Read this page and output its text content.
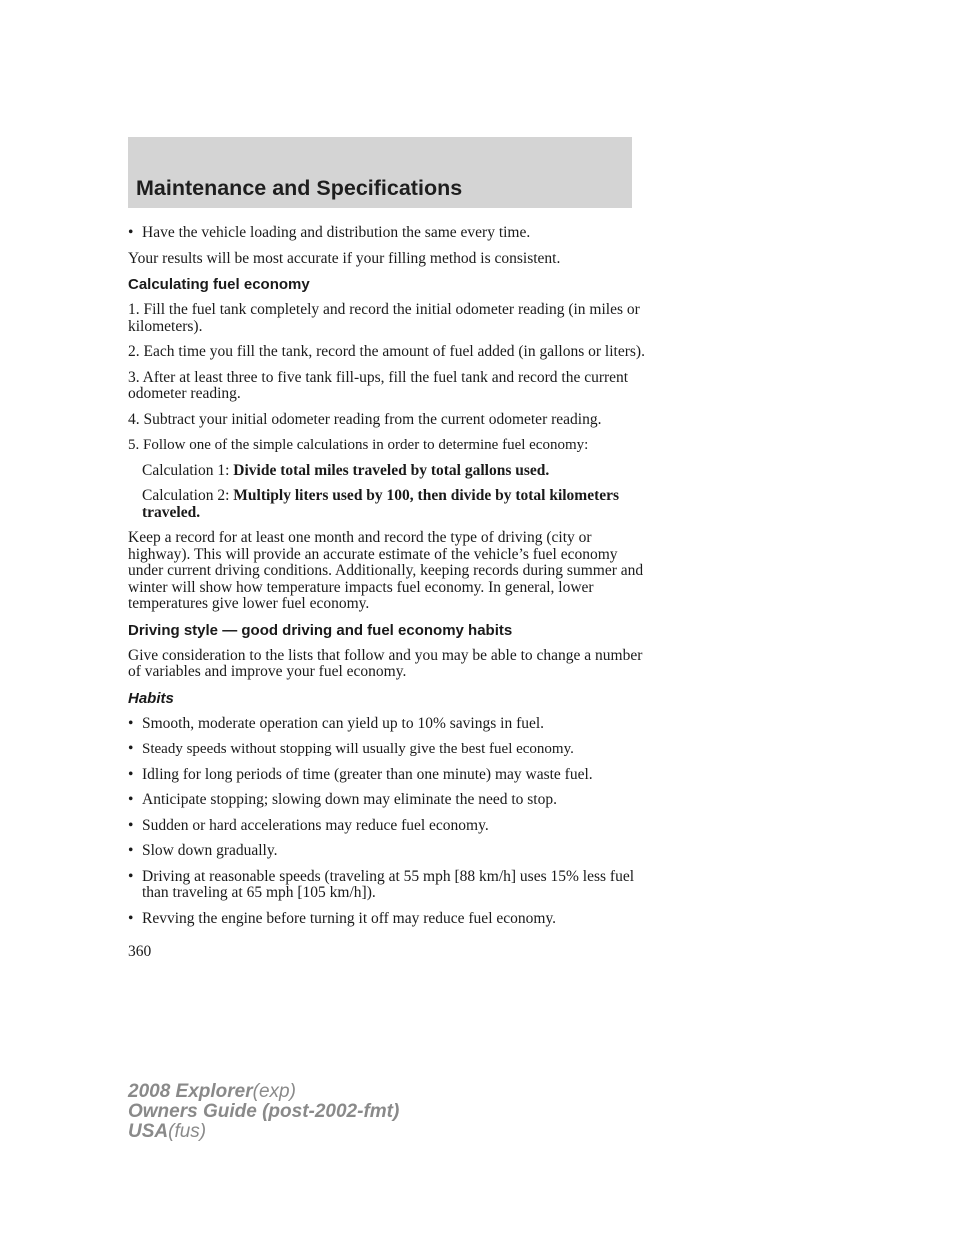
Maintenance and Specifications
• Have the vehicle loading and distribution the same every time.

Your results will be most accurate if your filling method is consistent.

Calculating fuel economy

1. Fill the fuel tank completely and record the initial odometer reading (in miles or kilometers).

2. Each time you fill the tank, record the amount of fuel added (in gallons or liters).

3. After at least three to five tank fill-ups, fill the fuel tank and record the current odometer reading.

4. Subtract your initial odometer reading from the current odometer reading.

5. Follow one of the simple calculations in order to determine fuel economy:

Calculation 1: Divide total miles traveled by total gallons used.
Calculation 2: Multiply liters used by 100, then divide by total kilometers traveled.

Keep a record for at least one month and record the type of driving (city or highway). This will provide an accurate estimate of the vehicle’s fuel economy under current driving conditions. Additionally, keeping records during summer and winter will show how temperature impacts fuel economy. In general, lower temperatures give lower fuel economy.

Driving style — good driving and fuel economy habits

Give consideration to the lists that follow and you may be able to change a number of variables and improve your fuel economy.

Habits
• Smooth, moderate operation can yield up to 10% savings in fuel.
• Steady speeds without stopping will usually give the best fuel economy.
• Idling for long periods of time (greater than one minute) may waste fuel.
• Anticipate stopping; slowing down may eliminate the need to stop.
• Sudden or hard accelerations may reduce fuel economy.
• Slow down gradually.
• Driving at reasonable speeds (traveling at 55 mph [88 km/h] uses 15% less fuel than traveling at 65 mph [105 km/h]).
• Revving the engine before turning it off may reduce fuel economy.
360
2008 Explorer(exp)
Owners Guide (post-2002-fmt)
USA(fus)
